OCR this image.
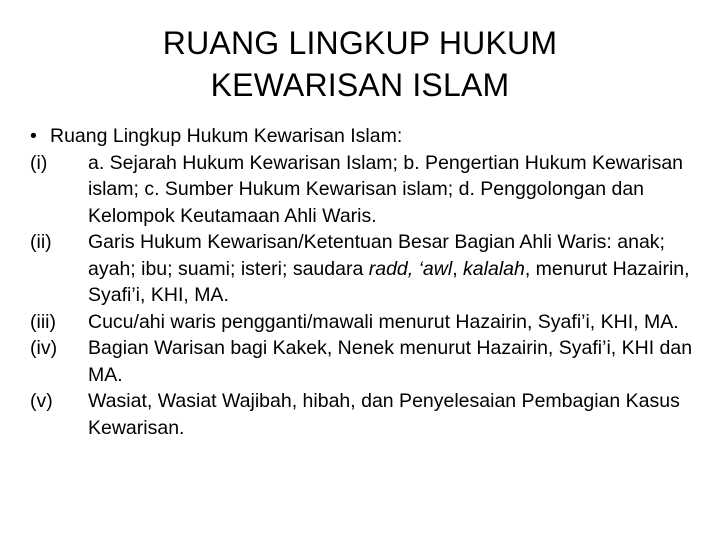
RUANG LINGKUP HUKUM
KEWARISAN ISLAM
• Ruang Lingkup Hukum Kewarisan Islam:
(i) a. Sejarah Hukum Kewarisan Islam; b. Pengertian Hukum Kewarisan islam; c. Sumber Hukum Kewarisan islam; d. Penggolongan dan Kelompok Keutamaan Ahli Waris.
(ii) Garis Hukum Kewarisan/Ketentuan Besar Bagian Ahli Waris: anak; ayah; ibu; suami; isteri; saudara radd, ‘awl, kalalah, menurut Hazairin, Syafi’i, KHI, MA.
(iii) Cucu/ahi waris pengganti/mawali menurut Hazairin, Syafi’i, KHI, MA.
(iv) Bagian Warisan bagi Kakek, Nenek menurut Hazairin, Syafi’i, KHI dan MA.
(v) Wasiat, Wasiat Wajibah, hibah, dan Penyelesaian Pembagian Kasus Kewarisan.
